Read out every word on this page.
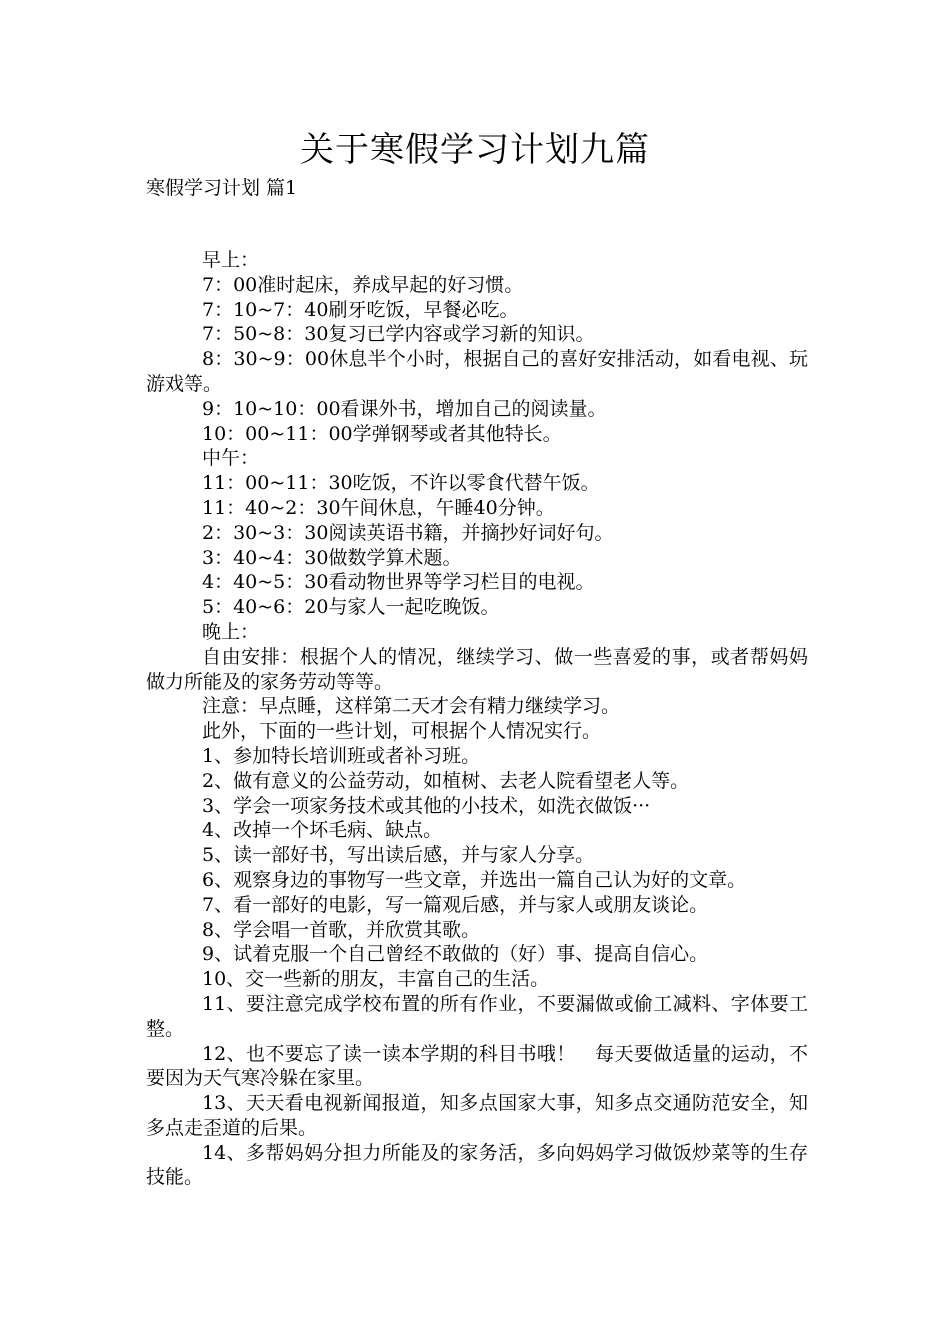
关于寒假学习计划九篇
寒假学习计划 篇1

早上：

7：00准时起床，养成早起的好习惯。

7：10~7：40刷牙吃饭，早餐必吃。

7：50~8：30复习已学内容或学习新的知识。

8：30~9：00休息半个小时，根据自己的喜好安排活动，如看电视、玩游戏等。

9：10~10：00看课外书，增加自己的阅读量。

10：00~11：00学弹钢琴或者其他特长。

中午：

11：00~11：30吃饭，不许以零食代替午饭。

11：40~2：30午间休息，午睡40分钟。

2：30~3：30阅读英语书籍，并摘抄好词好句。

3：40~4：30做数学算术题。

4：40~5：30看动物世界等学习栏目的电视。

5：40~6：20与家人一起吃晚饭。

晚上：

自由安排：根据个人的情况，继续学习、做一些喜爱的事，或者帮妈妈做力所能及的家务劳动等等。

注意：早点睡，这样第二天才会有精力继续学习。

此外，下面的一些计划，可根据个人情况实行。

1、参加特长培训班或者补习班。

2、做有意义的公益劳动，如植树、去老人院看望老人等。

3、学会一项家务技术或其他的小技术，如洗衣做饭···

4、改掉一个坏毛病、缺点。

5、读一部好书，写出读后感，并与家人分享。

6、观察身边的事物写一些文章，并选出一篇自己认为好的文章。

7、看一部好的电影，写一篇观后感，并与家人或朋友谈论。

8、学会唱一首歌，并欣赏其歌。

9、试着克服一个自己曾经不敢做的（好）事、提高自信心。

10、交一些新的朋友，丰富自己的生活。

11、要注意完成学校布置的所有作业，不要漏做或偷工减料、字体要工整。

12、也不要忘了读一读本学期的科目书哦！　每天要做适量的运动，不要因为天气寒冷躲在家里。

13、天天看电视新闻报道，知多点国家大事，知多点交通防范安全，知多点走歪道的后果。

14、多帮妈妈分担力所能及的家务活，多向妈妈学习做饭炒菜等的生存技能。
